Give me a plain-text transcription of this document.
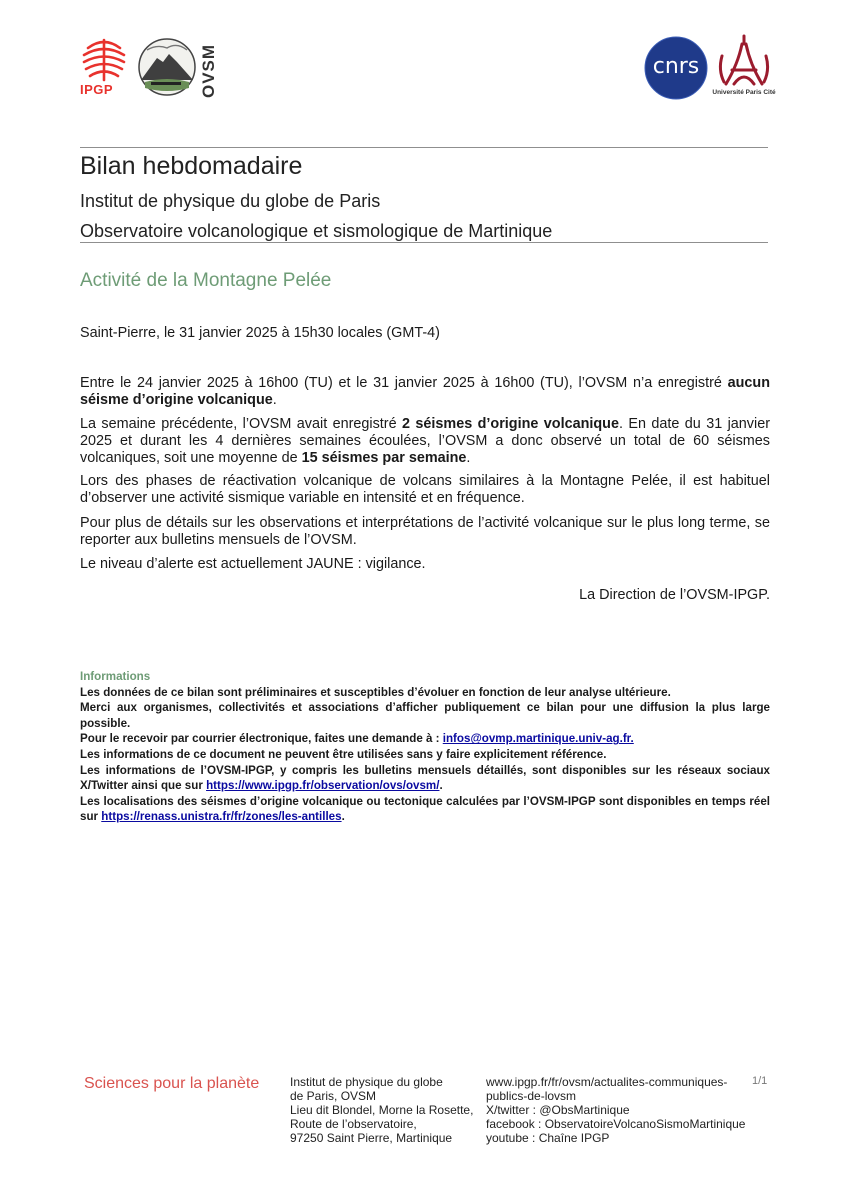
IPGP	OVSM	cnrs
Université Paris Cité
Bilan hebdomadaire
Institut de physique du globe de Paris
Observatoire volcanologique et sismologique de Martinique
Activité de la Montagne Pelée
Saint-Pierre, le 31 janvier 2025 à 15h30 locales (GMT-4)
Entre le 24 janvier 2025 à 16h00 (TU) et le 31 janvier 2025 à 16h00 (TU), l’OVSM n’a enregistré aucun séisme d’origine volcanique.
La semaine précédente, l’OVSM avait enregistré 2 séismes d’origine volcanique. En date du 31 janvier 2025 et durant les 4 dernières semaines écoulées, l’OVSM a donc observé un total de 60 séismes volcaniques, soit une moyenne de 15 séismes par semaine.
Lors des phases de réactivation volcanique de volcans similaires à la Montagne Pelée, il est habituel d’observer une activité sismique variable en intensité et en fréquence.
Pour plus de détails sur les observations et interprétations de l’activité volcanique sur le plus long terme, se reporter aux bulletins mensuels de l’OVSM.
Le niveau d’alerte est actuellement JAUNE : vigilance.
La Direction de l’OVSM-IPGP.
Informations

Les données de ce bilan sont préliminaires et susceptibles d’évoluer en fonction de leur analyse ultérieure.

Merci aux organismes, collectivités et associations d’afficher publiquement ce bilan pour une diffusion la plus large possible.

Pour le recevoir par courrier électronique, faites une demande à : infos@ovmp.martinique.univ-ag.fr.

Les informations de ce document ne peuvent être utilisées sans y faire explicitement référence.

Les informations de l’OVSM-IPGP, y compris les bulletins mensuels détaillés, sont disponibles sur les réseaux sociaux X/Twitter ainsi que sur https://www.ipgp.fr/observation/ovs/ovsm/.

Les localisations des séismes d’origine volcanique ou tectonique calculées par l’OVSM-IPGP sont disponibles en temps réel sur https://renass.unistra.fr/fr/zones/les-antilles.

Sciences pour la planète	Institut de physique du globe
de Paris, OVSM
Lieu dit Blondel, Morne la Rosette,
Route de l’observatoire,
97250 Saint Pierre, Martinique
www.ipgp.fr/fr/ovsm/actualites-communiques-
publics-de-lovsm
X/twitter : @ObsMartinique
facebook : ObservatoireVolcanoSismoMartinique
youtube : Chaîne IPGP
1/1
